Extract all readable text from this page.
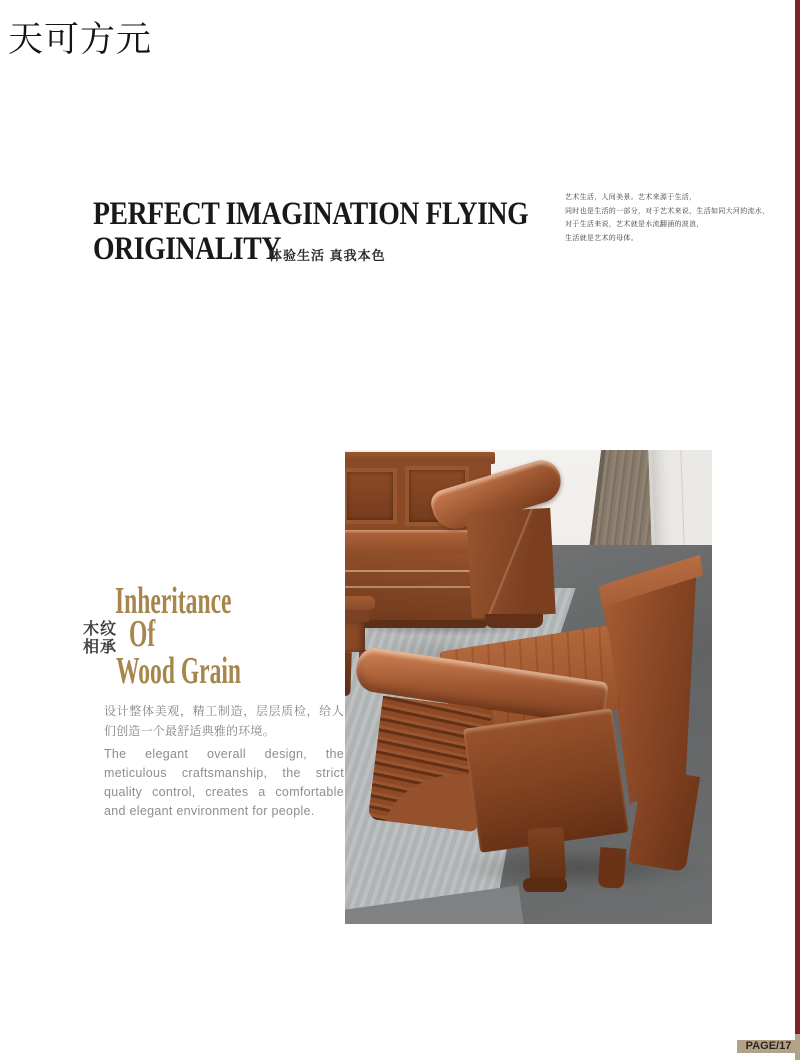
天可方元
PERFECT IMAGINATION FLYING
ORIGINALITY
体验生活 真我本色
艺术生活，人间美景。艺术来源于生活，
同时也是生活的一部分，对于艺术来说，生活如同大河的流水，
对于生活来说，艺术就是水流翻涌的波浪，
生活就是艺术的母体。
Inheritance
木纹
相承 Of
Wood Grain
设计整体美观，精工制造，层层质检，给人
们创造一个最舒适典雅的环境。
The elegant overall design, the
meticulous craftsmanship, the strict
quality control, creates a comfortable
and elegant environment for people.
PAGE/17
